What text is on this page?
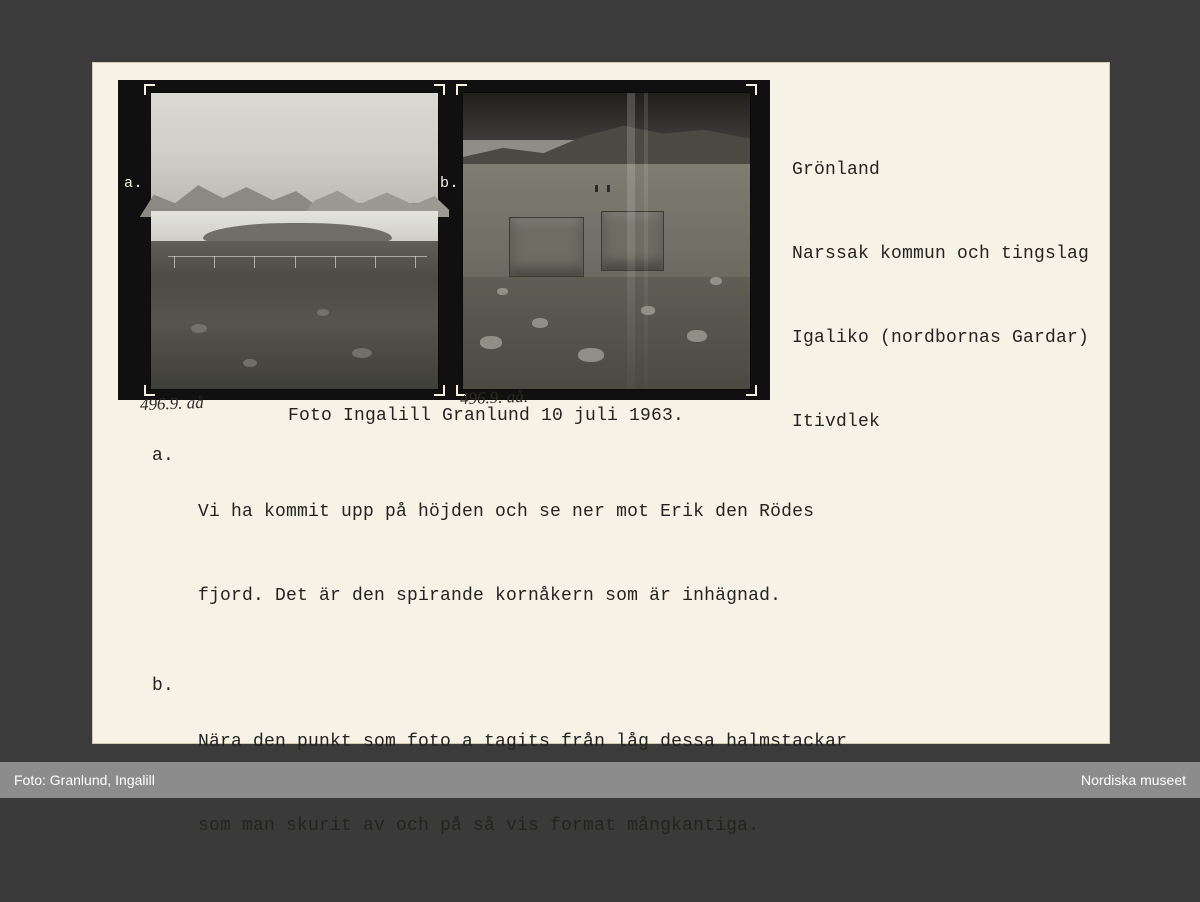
a.	b.

Grönland

Narssak kommun och tingslag

Igaliko (nordbornas Gardar)

Itivdlek

496.9. aå	496.9. aå.
Foto Ingalill Granlund 10 juli 1963.
a.

Vi ha kommit upp på höjden och se ner mot Erik den Rödes

fjord. Det är den spirande kornåkern som är inhägnad.

b.

Nära den punkt som foto a tagits från låg dessa halmstackar

som man skurit av och på så vis format mångkantiga.

Foto: Granlund, Ingalill	Nordiska museet
